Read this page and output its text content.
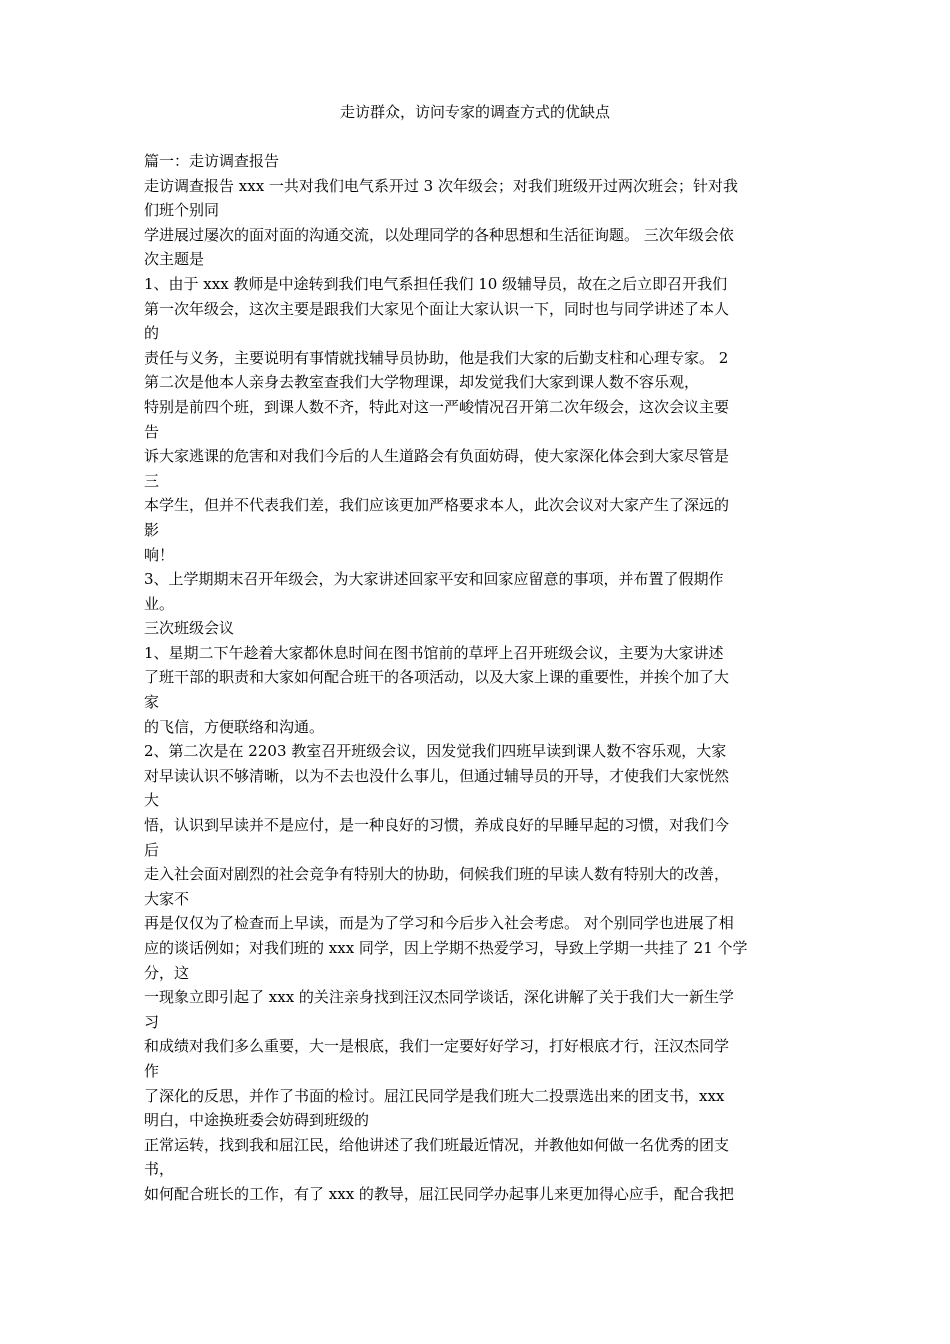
走访群众，访问专家的调查方式的优缺点
篇一：走访调查报告
走访调查报告 xxx 一共对我们电气系开过 3 次年级会；对我们班级开过两次班会；针对我
们班个别同
学进展过屡次的面对面的沟通交流，以处理同学的各种思想和生活征询题。 三次年级会依
次主题是
1、由于 xxx 教师是中途转到我们电气系担任我们 10 级辅导员，故在之后立即召开我们
第一次年级会，这次主要是跟我们大家见个面让大家认识一下，同时也与同学讲述了本人
的
责任与义务，主要说明有事情就找辅导员协助，他是我们大家的后勤支柱和心理专家。 2
第二次是他本人亲身去教室查我们大学物理课，却发觉我们大家到课人数不容乐观，
特别是前四个班，到课人数不齐，特此对这一严峻情况召开第二次年级会，这次会议主要
告
诉大家逃课的危害和对我们今后的人生道路会有负面妨碍，使大家深化体会到大家尽管是
三
本学生，但并不代表我们差，我们应该更加严格要求本人，此次会议对大家产生了深远的
影
响！
3、上学期期末召开年级会，为大家讲述回家平安和回家应留意的事项，并布置了假期作
业。
三次班级会议
1、星期二下午趁着大家都休息时间在图书馆前的草坪上召开班级会议，主要为大家讲述
了班干部的职责和大家如何配合班干的各项活动，以及大家上课的重要性，并挨个加了大
家
的飞信，方便联络和沟通。
2、第二次是在 2203 教室召开班级会议，因发觉我们四班早读到课人数不容乐观，大家
对早读认识不够清晰，以为不去也没什么事儿，但通过辅导员的开导，才使我们大家恍然
大
悟，认识到早读并不是应付，是一种良好的习惯，养成良好的早睡早起的习惯，对我们今
后
走入社会面对剧烈的社会竞争有特别大的协助，伺候我们班的早读人数有特别大的改善，
大家不
再是仅仅为了检查而上早读，而是为了学习和今后步入社会考虑。 对个别同学也进展了相
应的谈话例如；对我们班的 xxx 同学，因上学期不热爱学习，导致上学期一共挂了 21 个学
分，这
一现象立即引起了 xxx 的关注亲身找到汪汉杰同学谈话，深化讲解了关于我们大一新生学
习
和成绩对我们多么重要，大一是根底，我们一定要好好学习，打好根底才行，汪汉杰同学
作
了深化的反思，并作了书面的检讨。屈江民同学是我们班大二投票选出来的团支书，xxx
明白，中途换班委会妨碍到班级的
正常运转，找到我和屈江民，给他讲述了我们班最近情况，并教他如何做一名优秀的团支
书，
如何配合班长的工作，有了 xxx 的教导，屈江民同学办起事儿来更加得心应手，配合我把
